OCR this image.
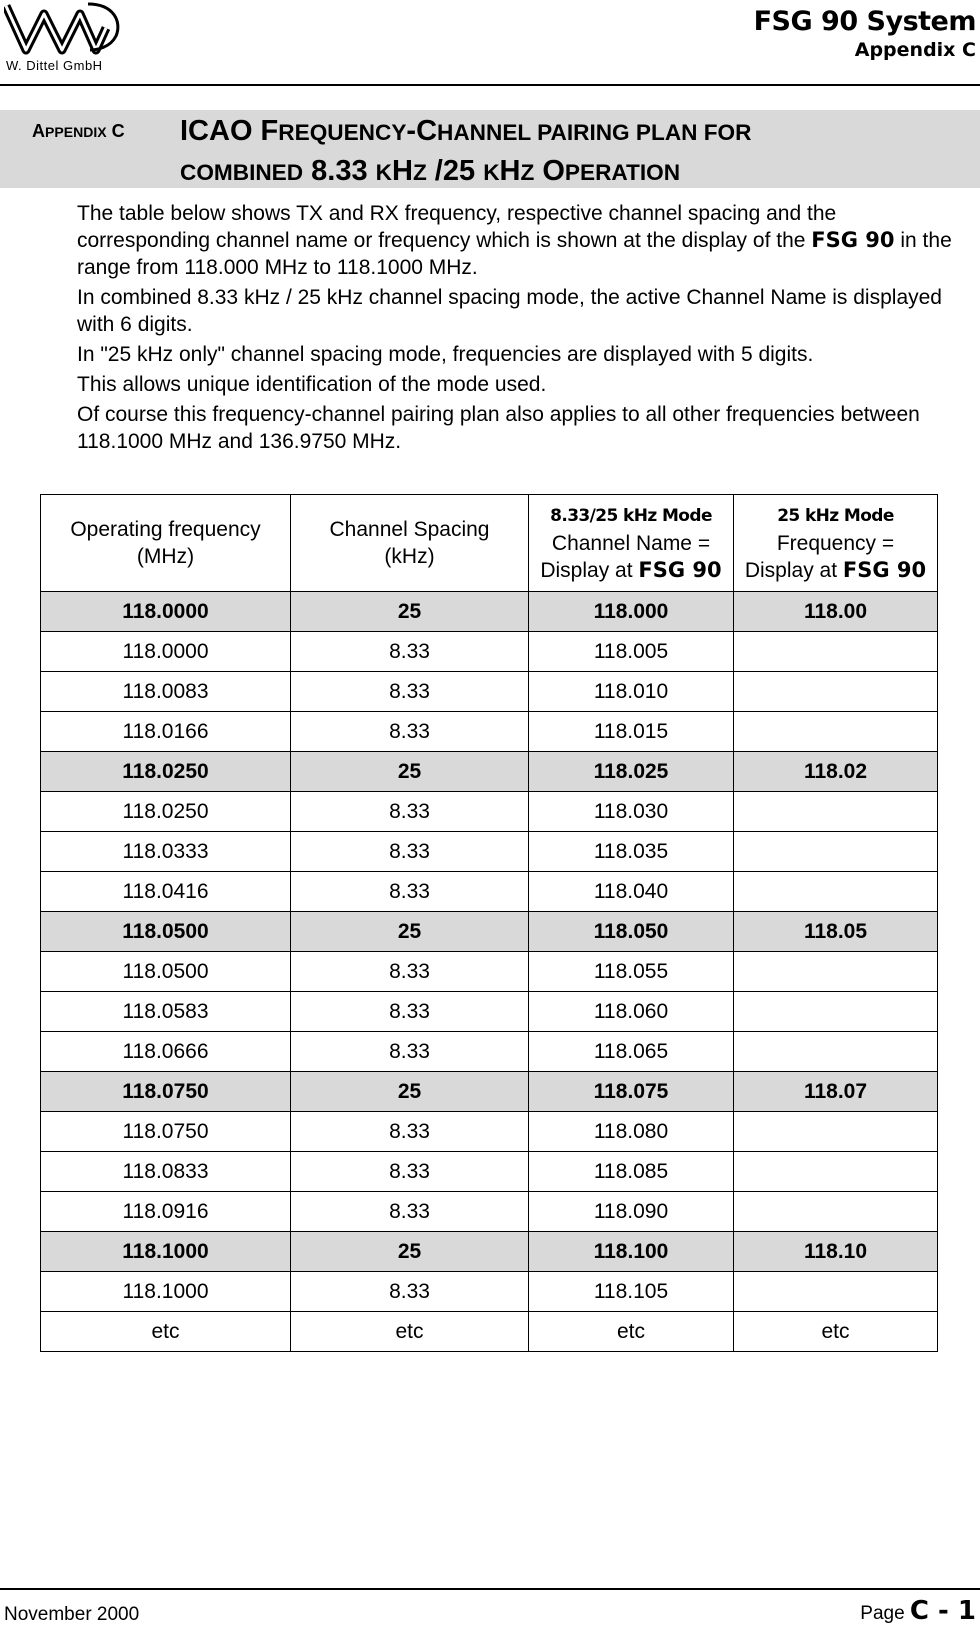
W. Dittel GmbH
FSG 90 System
Appendix C
APPENDIX C ICAO FREQUENCY-CHANNEL PAIRING PLAN FOR
COMBINED 8.33 KHZ /25 KHZ OPERATION

The table below shows TX and RX frequency, respective channel spacing and the corresponding channel name or frequency which is shown at the display of the FSG 90 in the range from 118.000 MHz to 118.1000 MHz.

In combined 8.33 kHz / 25 kHz channel spacing mode, the active Channel Name is displayed with 6 digits.

In "25 kHz only" channel spacing mode, frequencies are displayed with 5 digits.

This allows unique identification of the mode used.

Of course this frequency-channel pairing plan also applies to all other frequencies between 118.1000 MHz and 136.9750 MHz.

Operating frequency
(MHz)	Channel Spacing
(kHz)	8.33/25 kHz Mode
Channel Name =
Display at FSG 90	25 kHz Mode
Frequency =
Display at FSG 90
118.0000	25	118.000	118.00
118.0000	8.33	118.005	
118.0083	8.33	118.010	
118.0166	8.33	118.015	
118.0250	25	118.025	118.02
118.0250	8.33	118.030	
118.0333	8.33	118.035	
118.0416	8.33	118.040	
118.0500	25	118.050	118.05
118.0500	8.33	118.055	
118.0583	8.33	118.060	
118.0666	8.33	118.065	
118.0750	25	118.075	118.07
118.0750	8.33	118.080	
118.0833	8.33	118.085	
118.0916	8.33	118.090	
118.1000	25	118.100	118.10
118.1000	8.33	118.105	
etc	etc	etc	etc
November 2000	Page C - 1
